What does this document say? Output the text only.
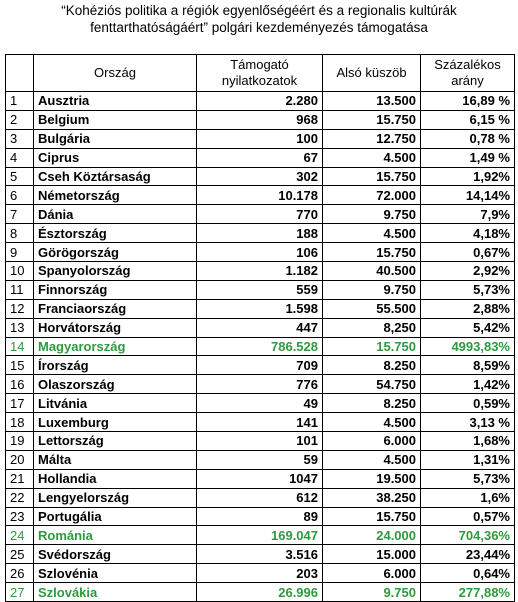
“Kohéziós politika a régiók egyenlőségéért és a regionalis kultúrák
fenttarthatóságáért” polgári kezdeményezés támogatása
	Ország	Támogató nyilatkozatok	Alsó küszöb	Százalékos arány
1	Ausztria	2.280	13.500	16,89 %
2	Belgium	968	15.750	6,15 %
3	Bulgária	100	12.750	0,78 %
4	Ciprus	67	4.500	1,49 %
5	Cseh Köztársaság	302	15.750	1,92%
6	Németország	10.178	72.000	14,14%
7	Dánia	770	9.750	7,9%
8	Észtország	188	4.500	4,18%
9	Görögország	106	15.750	0,67%
10	Spanyolország	1.182	40.500	2,92%
11	Finnország	559	9.750	5,73%
12	Franciaország	1.598	55.500	2,88%
13	Horvátország	447	8,250	5,42%
14	Magyarország	786.528	15.750	4993,83%
15	Írország	709	8.250	8,59%
16	Olaszország	776	54.750	1,42%
17	Litvánia	49	8.250	0,59%
18	Luxemburg	141	4.500	3,13 %
19	Lettország	101	6.000	1,68%
20	Málta	59	4.500	1,31%
21	Hollandia	1047	19.500	5,73%
22	Lengyelország	612	38.250	1,6%
23	Portugália	89	15.750	0,57%
24	Románia	169.047	24.000	704,36%
25	Svédország	3.516	15.000	23,44%
26	Szlovénia	203	6.000	0,64%
27	Szlovákia	26.996	9.750	277,88%
